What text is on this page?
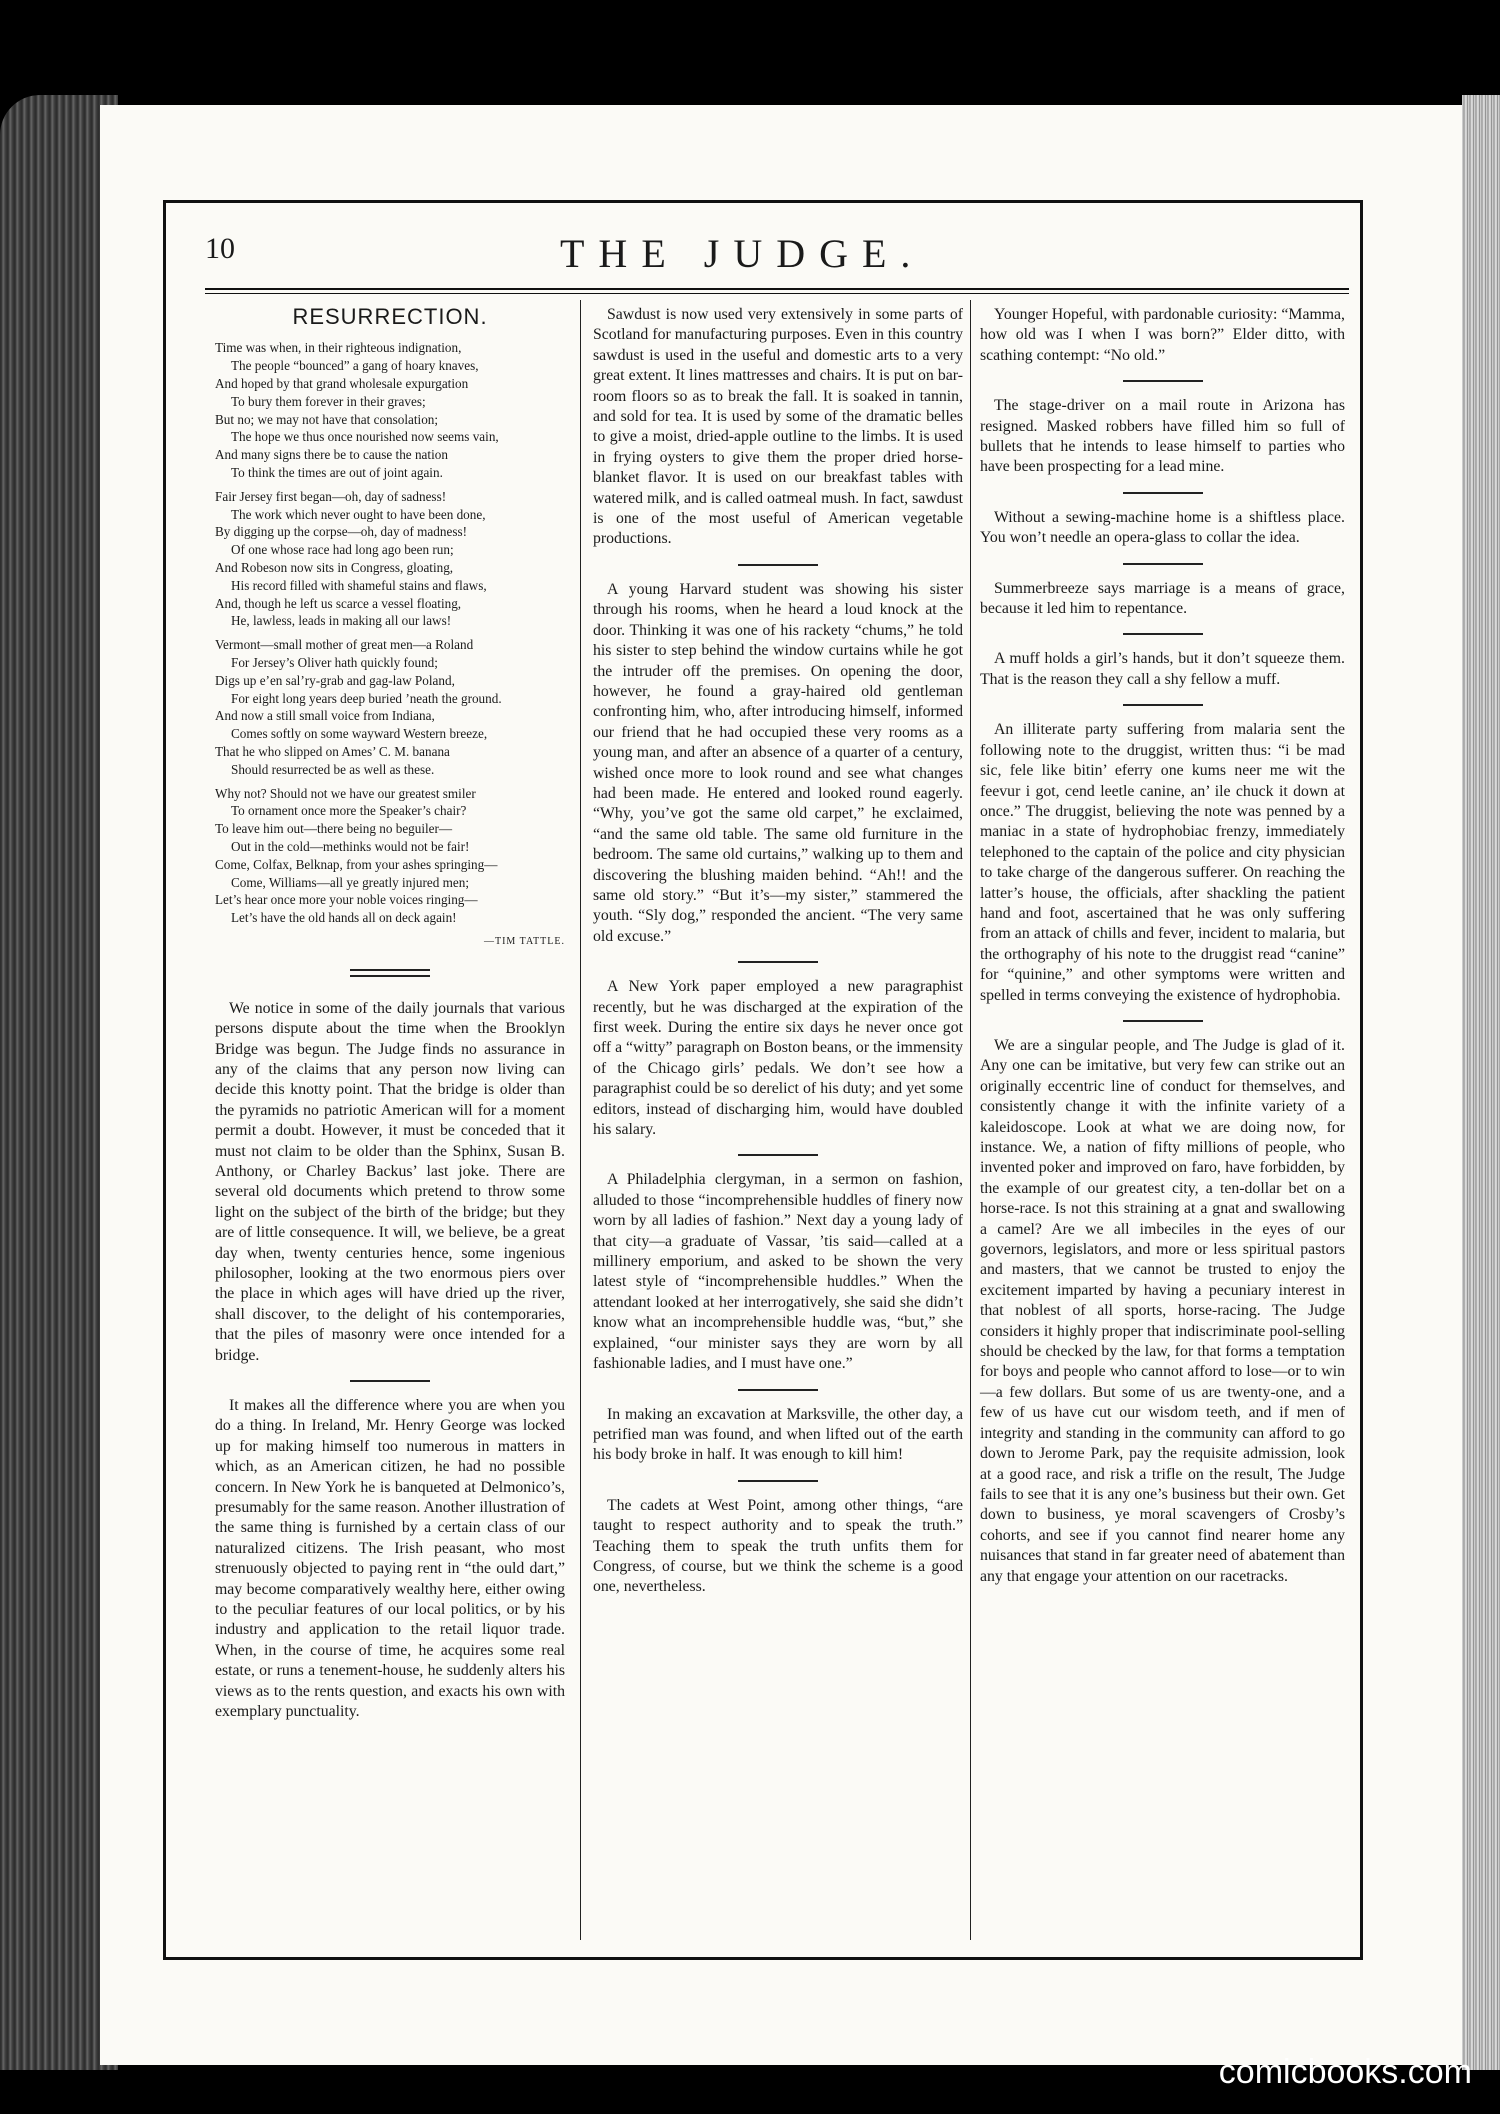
10	THE JUDGE.
RESURRECTION.
Time was when, in their righteous indignation,
The people “bounced” a gang of hoary knaves,
And hoped by that grand wholesale expurgation
To bury them forever in their graves;
But no; we may not have that consolation;
The hope we thus once nourished now seems vain,
And many signs there be to cause the nation
To think the times are out of joint again.
Fair Jersey first began—oh, day of sadness!
The work which never ought to have been done,
By digging up the corpse—oh, day of madness!
Of one whose race had long ago been run;
And Robeson now sits in Congress, gloating,
His record filled with shameful stains and flaws,
And, though he left us scarce a vessel floating,
He, lawless, leads in making all our laws!
Vermont—small mother of great men—a Roland
For Jersey’s Oliver hath quickly found;
Digs up e’en sal’ry-grab and gag-law Poland,
For eight long years deep buried ’neath the ground.
And now a still small voice from Indiana,
Comes softly on some wayward Western breeze,
That he who slipped on Ames’ C. M. banana
Should resurrected be as well as these.
Why not? Should not we have our greatest smiler
To ornament once more the Speaker’s chair?
To leave him out—there being no beguiler—
Out in the cold—methinks would not be fair!
Come, Colfax, Belknap, from your ashes springing—
Come, Williams—all ye greatly injured men;
Let’s hear once more your noble voices ringing—
Let’s have the old hands all on deck again!
—TIM TATTLE.

We notice in some of the daily journals that various persons dispute about the time when the Brooklyn Bridge was begun. The Judge finds no assurance in any of the claims that any person now living can decide this knotty point. That the bridge is older than the pyramids no patriotic American will for a moment permit a doubt. However, it must be conceded that it must not claim to be older than the Sphinx, Susan B. Anthony, or Charley Backus’ last joke. There are several old documents which pretend to throw some light on the subject of the birth of the bridge; but they are of little consequence. It will, we believe, be a great day when, twenty centuries hence, some ingenious philosopher, looking at the two enormous piers over the place in which ages will have dried up the river, shall discover, to the delight of his contemporaries, that the piles of masonry were once intended for a bridge.

It makes all the difference where you are when you do a thing. In Ireland, Mr. Henry George was locked up for making himself too numerous in matters in which, as an American citizen, he had no possible concern. In New York he is banqueted at Delmonico’s, presumably for the same reason. Another illustration of the same thing is furnished by a certain class of our naturalized citizens. The Irish peasant, who most strenuously objected to paying rent in “the ould dart,” may become comparatively wealthy here, either owing to the peculiar features of our local politics, or by his industry and application to the retail liquor trade. When, in the course of time, he acquires some real estate, or runs a tenement-house, he suddenly alters his views as to the rents question, and exacts his own with exemplary punctuality.

Sawdust is now used very extensively in some parts of Scotland for manufacturing purposes. Even in this country sawdust is used in the useful and domestic arts to a very great extent. It lines mattresses and chairs. It is put on bar-room floors so as to break the fall. It is soaked in tannin, and sold for tea. It is used by some of the dramatic belles to give a moist, dried-apple outline to the limbs. It is used in frying oysters to give them the proper dried horse-blanket flavor. It is used on our breakfast tables with watered milk, and is called oatmeal mush. In fact, sawdust is one of the most useful of American vegetable productions.

A young Harvard student was showing his sister through his rooms, when he heard a loud knock at the door. Thinking it was one of his rackety “chums,” he told his sister to step behind the window curtains while he got the intruder off the premises. On opening the door, however, he found a gray-haired old gentleman confronting him, who, after introducing himself, informed our friend that he had occupied these very rooms as a young man, and after an absence of a quarter of a century, wished once more to look round and see what changes had been made. He entered and looked round eagerly. “Why, you’ve got the same old carpet,” he exclaimed, “and the same old table. The same old furniture in the bedroom. The same old curtains,” walking up to them and discovering the blushing maiden behind. “Ah!! and the same old story.” “But it’s—my sister,” stammered the youth. “Sly dog,” responded the ancient. “The very same old excuse.”

A New York paper employed a new paragraphist recently, but he was discharged at the expiration of the first week. During the entire six days he never once got off a “witty” paragraph on Boston beans, or the immensity of the Chicago girls’ pedals. We don’t see how a paragraphist could be so derelict of his duty; and yet some editors, instead of discharging him, would have doubled his salary.

A Philadelphia clergyman, in a sermon on fashion, alluded to those “incomprehensible huddles of finery now worn by all ladies of fashion.” Next day a young lady of that city—a graduate of Vassar, ’tis said—called at a millinery emporium, and asked to be shown the very latest style of “incomprehensible huddles.” When the attendant looked at her interrogatively, she said she didn’t know what an incomprehensible huddle was, “but,” she explained, “our minister says they are worn by all fashionable ladies, and I must have one.”

In making an excavation at Marksville, the other day, a petrified man was found, and when lifted out of the earth his body broke in half. It was enough to kill him!

The cadets at West Point, among other things, “are taught to respect authority and to speak the truth.” Teaching them to speak the truth unfits them for Congress, of course, but we think the scheme is a good one, nevertheless.

Younger Hopeful, with pardonable curiosity: “Mamma, how old was I when I was born?” Elder ditto, with scathing contempt: “No old.”

The stage-driver on a mail route in Arizona has resigned. Masked robbers have filled him so full of bullets that he intends to lease himself to parties who have been prospecting for a lead mine.

Without a sewing-machine home is a shiftless place. You won’t needle an opera-glass to collar the idea.

Summerbreeze says marriage is a means of grace, because it led him to repentance.

A muff holds a girl’s hands, but it don’t squeeze them. That is the reason they call a shy fellow a muff.

An illiterate party suffering from malaria sent the following note to the druggist, written thus: “i be mad sic, fele like bitin’ eferry one kums neer me wit the feevur i got, cend leetle canine, an’ ile chuck it down at once.” The druggist, believing the note was penned by a maniac in a state of hydrophobiac frenzy, immediately telephoned to the captain of the police and city physician to take charge of the dangerous sufferer. On reaching the latter’s house, the officials, after shackling the patient hand and foot, ascertained that he was only suffering from an attack of chills and fever, incident to malaria, but the orthography of his note to the druggist read “canine” for “quinine,” and other symptoms were written and spelled in terms conveying the existence of hydrophobia.

We are a singular people, and The Judge is glad of it. Any one can be imitative, but very few can strike out an originally eccentric line of conduct for themselves, and consistently change it with the infinite variety of a kaleidoscope. Look at what we are doing now, for instance. We, a nation of fifty millions of people, who invented poker and improved on faro, have forbidden, by the example of our greatest city, a ten-dollar bet on a horse-race. Is not this straining at a gnat and swallowing a camel? Are we all imbeciles in the eyes of our governors, legislators, and more or less spiritual pastors and masters, that we cannot be trusted to enjoy the excitement imparted by having a pecuniary interest in that noblest of all sports, horse-racing. The Judge considers it highly proper that indiscriminate pool-selling should be checked by the law, for that forms a temptation for boys and people who cannot afford to lose—or to win—a few dollars. But some of us are twenty-one, and a few of us have cut our wisdom teeth, and if men of integrity and standing in the community can afford to go down to Jerome Park, pay the requisite admission, look at a good race, and risk a trifle on the result, The Judge fails to see that it is any one’s business but their own. Get down to business, ye moral scavengers of Crosby’s cohorts, and see if you cannot find nearer home any nuisances that stand in far greater need of abatement than any that engage your attention on our racetracks.

comicbooks.com
